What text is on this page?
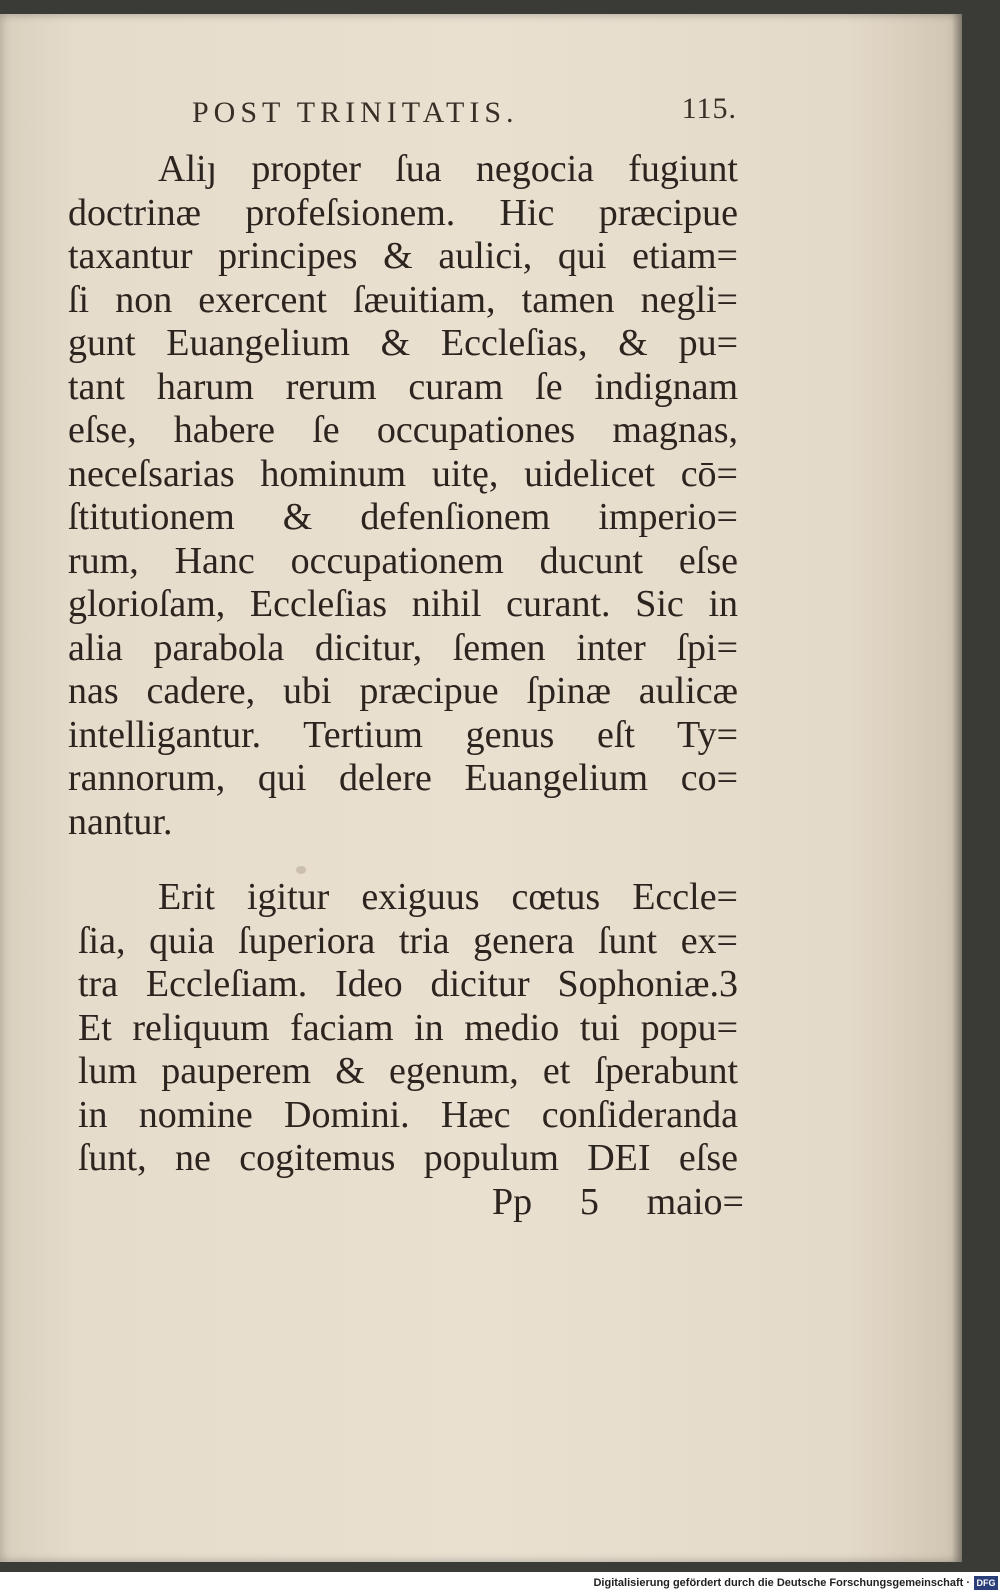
POST TRINITATIS.	115.
Aliȷ propter ſua negocia fugiunt
doctrinæ profeſsionem. Hic præcipue
taxantur principes & aulici, qui etiam=
ſi non exercent ſæuitiam, tamen negli=
gunt Euangelium & Eccleſias, & pu=
tant harum rerum curam ſe indignam
eſse, habere ſe occupationes magnas,
neceſsarias hominum uitę, uidelicet cō=
ſtitutionem & defenſionem imperio=
rum, Hanc occupationem ducunt eſse
glorioſam, Eccleſias nihil curant. Sic in
alia parabola dicitur, ſemen inter ſpi=
nas cadere, ubi præcipue ſpinæ aulicæ
intelligantur. Tertium genus eſt Ty=
rannorum, qui delere Euangelium co=
nantur.
Erit igitur exiguus cœtus Eccle=
ſia, quia ſuperiora tria genera ſunt ex=
tra Eccleſiam. Ideo dicitur Sophoniæ.3
Et reliquum faciam in medio tui popu=
lum pauperem & egenum, et ſperabunt
in nomine Domini. Hæc conſideranda
ſunt, ne cogitemus populum DEI eſse
Pp 5 maio=
Digitalisierung gefördert durch die Deutsche Forschungsgemeinschaft · DFG
